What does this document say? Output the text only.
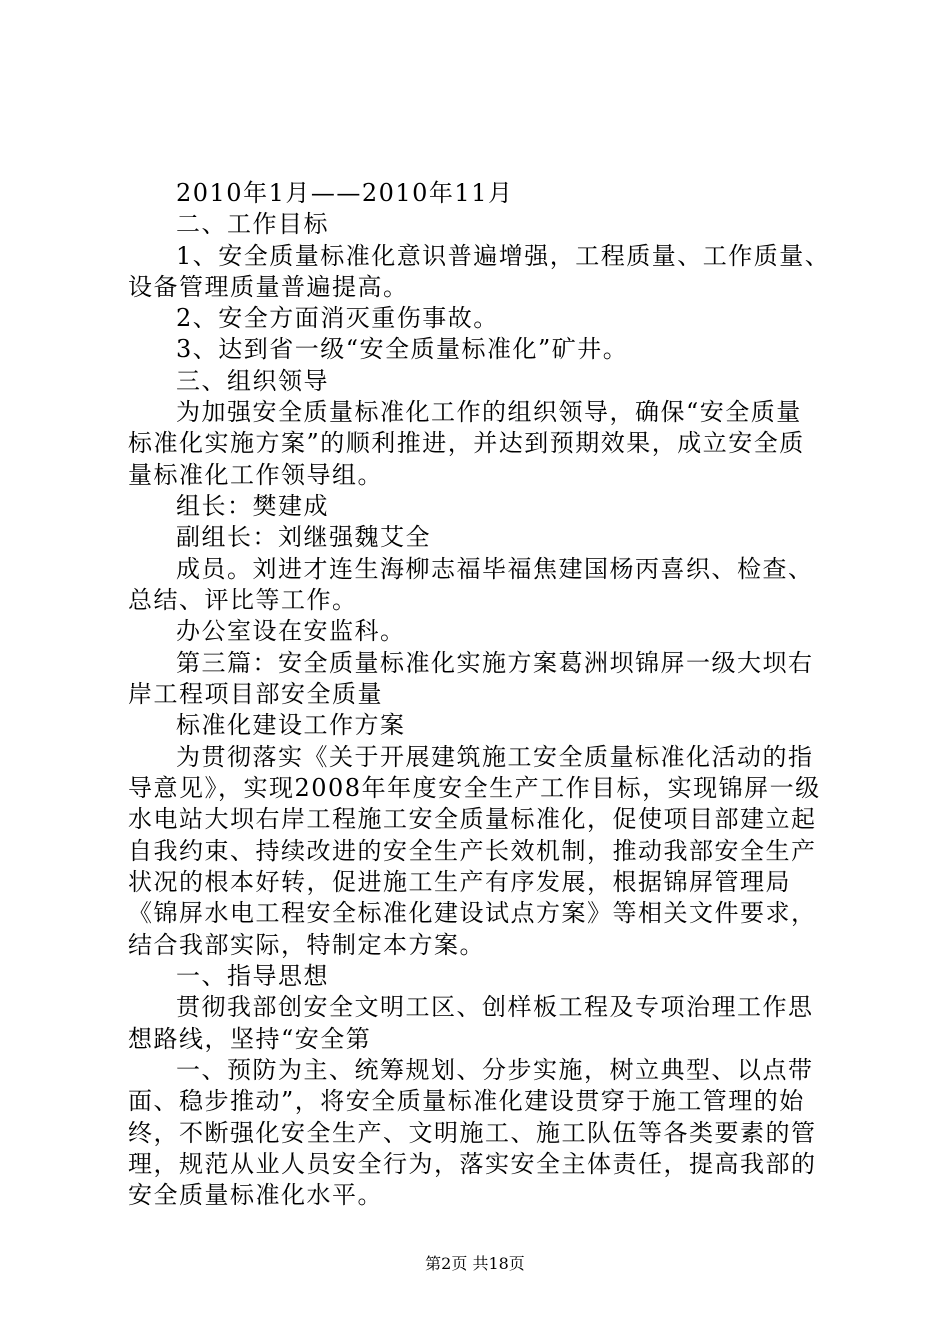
2010年1月——2010年11月
二、工作目标
1、安全质量标准化意识普遍增强，工程质量、工作质量、
设备管理质量普遍提高。
2、安全方面消灭重伤事故。
3、达到省一级“安全质量标准化”矿井。
三、组织领导
为加强安全质量标准化工作的组织领导，确保“安全质量
标准化实施方案”的顺利推进，并达到预期效果，成立安全质
量标准化工作领导组。
组长：樊建成
副组长：刘继强魏艾全
成员。刘进才连生海柳志福毕福焦建国杨丙喜织、检查、
总结、评比等工作。
办公室设在安监科。
第三篇：安全质量标准化实施方案葛洲坝锦屏一级大坝右
岸工程项目部安全质量
标准化建设工作方案
为贯彻落实《关于开展建筑施工安全质量标准化活动的指
导意见》，实现2008年年度安全生产工作目标，实现锦屏一级
水电站大坝右岸工程施工安全质量标准化，促使项目部建立起
自我约束、持续改进的安全生产长效机制，推动我部安全生产
状况的根本好转，促进施工生产有序发展，根据锦屏管理局
《锦屏水电工程安全标准化建设试点方案》等相关文件要求，
结合我部实际，特制定本方案。
一、指导思想
贯彻我部创安全文明工区、创样板工程及专项治理工作思
想路线，坚持“安全第
一、预防为主、统筹规划、分步实施，树立典型、以点带
面、稳步推动”，将安全质量标准化建设贯穿于施工管理的始
终，不断强化安全生产、文明施工、施工队伍等各类要素的管
理，规范从业人员安全行为，落实安全主体责任，提高我部的
安全质量标准化水平。
第2页 共18页
